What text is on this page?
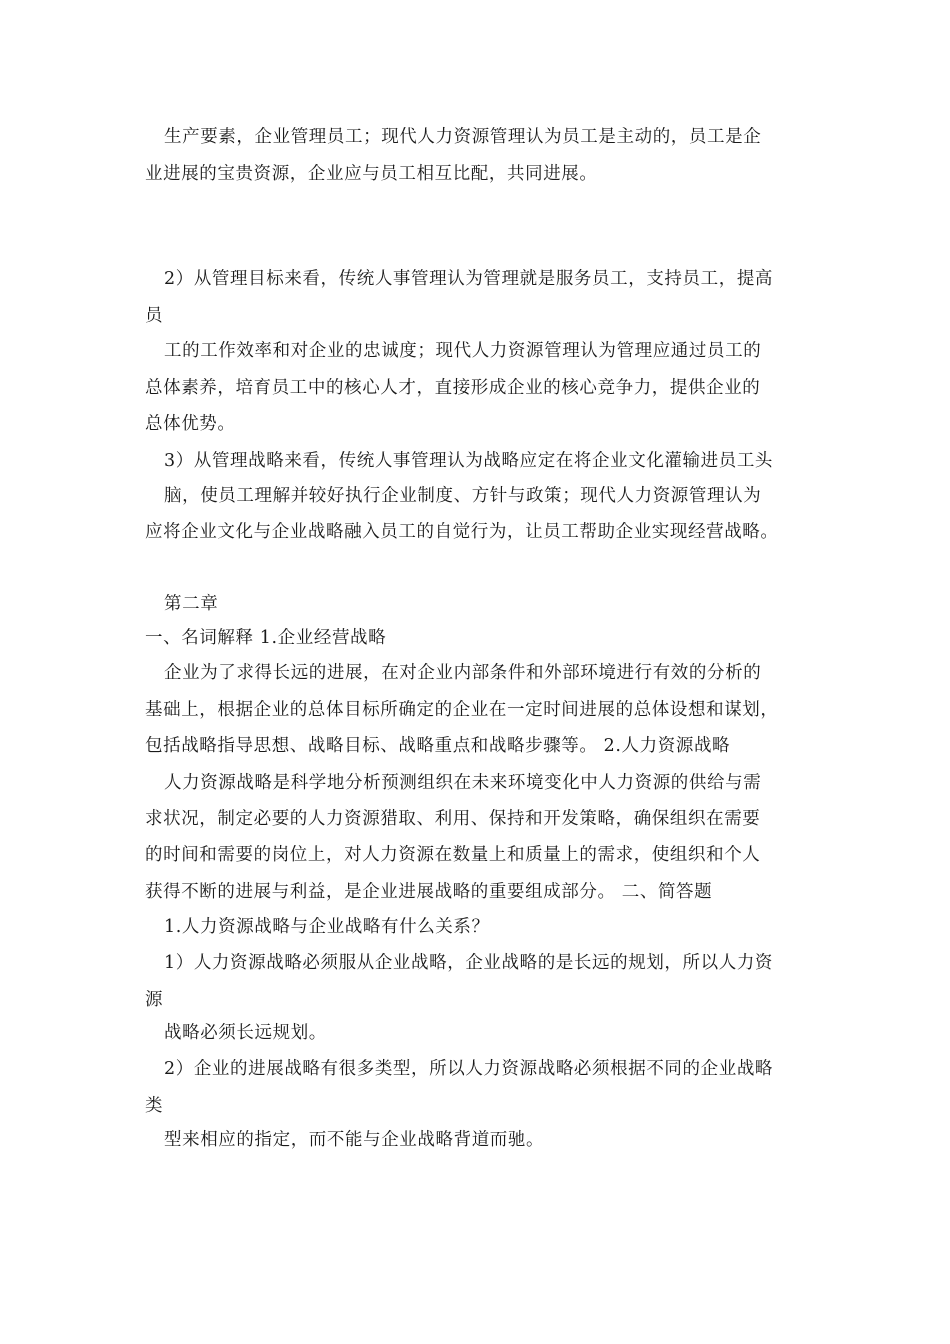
生产要素，企业管理员工；现代人力资源管理认为员工是主动的，员工是企
业进展的宝贵资源，企业应与员工相互比配，共同进展。
2）从管理目标来看，传统人事管理认为管理就是服务员工，支持员工，提高
员
工的工作效率和对企业的忠诚度；现代人力资源管理认为管理应通过员工的
总体素养，培育员工中的核心人才，直接形成企业的核心竞争力，提供企业的
总体优势。
3）从管理战略来看，传统人事管理认为战略应定在将企业文化灌输进员工头
脑，使员工理解并较好执行企业制度、方针与政策；现代人力资源管理认为
应将企业文化与企业战略融入员工的自觉行为，让员工帮助企业实现经营战略。
第二章
一、名词解释 1.企业经营战略
企业为了求得长远的进展，在对企业内部条件和外部环境进行有效的分析的
基础上，根据企业的总体目标所确定的企业在一定时间进展的总体设想和谋划，
包括战略指导思想、战略目标、战略重点和战略步骤等。 2.人力资源战略
人力资源战略是科学地分析预测组织在未来环境变化中人力资源的供给与需
求状况，制定必要的人力资源猎取、利用、保持和开发策略，确保组织在需要
的时间和需要的岗位上，对人力资源在数量上和质量上的需求，使组织和个人
获得不断的进展与利益，是企业进展战略的重要组成部分。 二、简答题
1.人力资源战略与企业战略有什么关系？
1）人力资源战略必须服从企业战略，企业战略的是长远的规划，所以人力资
源
战略必须长远规划。
2）企业的进展战略有很多类型，所以人力资源战略必须根据不同的企业战略
类
型来相应的指定，而不能与企业战略背道而驰。
